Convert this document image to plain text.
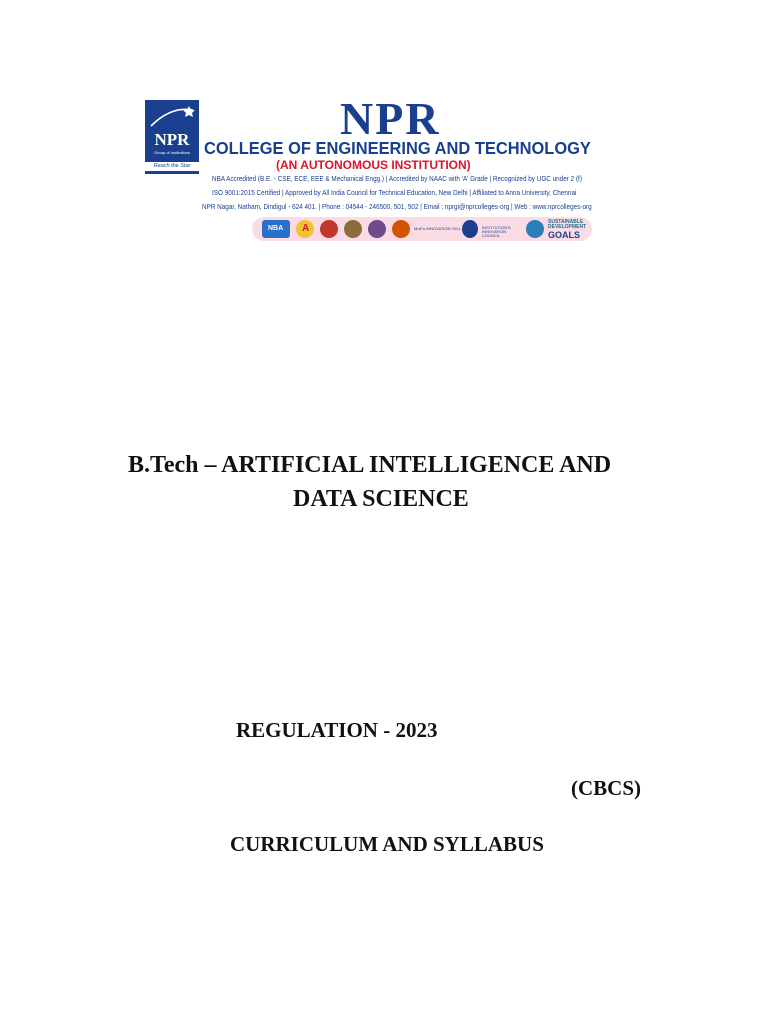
NPR
Group of Institutions
Reach the Star
NPR
COLLEGE OF ENGINEERING AND TECHNOLOGY
(AN AUTONOMOUS INSTITUTION)
NBA Accredited (B.E. - CSE, ECE, EEE & Mechanical Engg.) | Accredited by NAAC with 'A' Grade | Recognized by UGC under 2 (f)
ISO 9001:2015 Certified | Approved by All India Council for Technical Education, New Delhi | Affiliated to Anna University, Chennai
NPR Nagar, Natham, Dindigul - 624 401. | Phone : 04544 - 246500, 501, 502 | Email : nprgi@nprcolleges-org | Web : www.nprcolleges-org
NBA A	MoE's INNOVATION CELL	INSTITUTION'S INNOVATION COUNCIL
SUSTAINABLE
DEVELOPMENT
GOALS
B.Tech – ARTIFICIAL INTELLIGENCE AND
DATA SCIENCE
REGULATION - 2023
(CBCS)
CURRICULUM AND SYLLABUS
